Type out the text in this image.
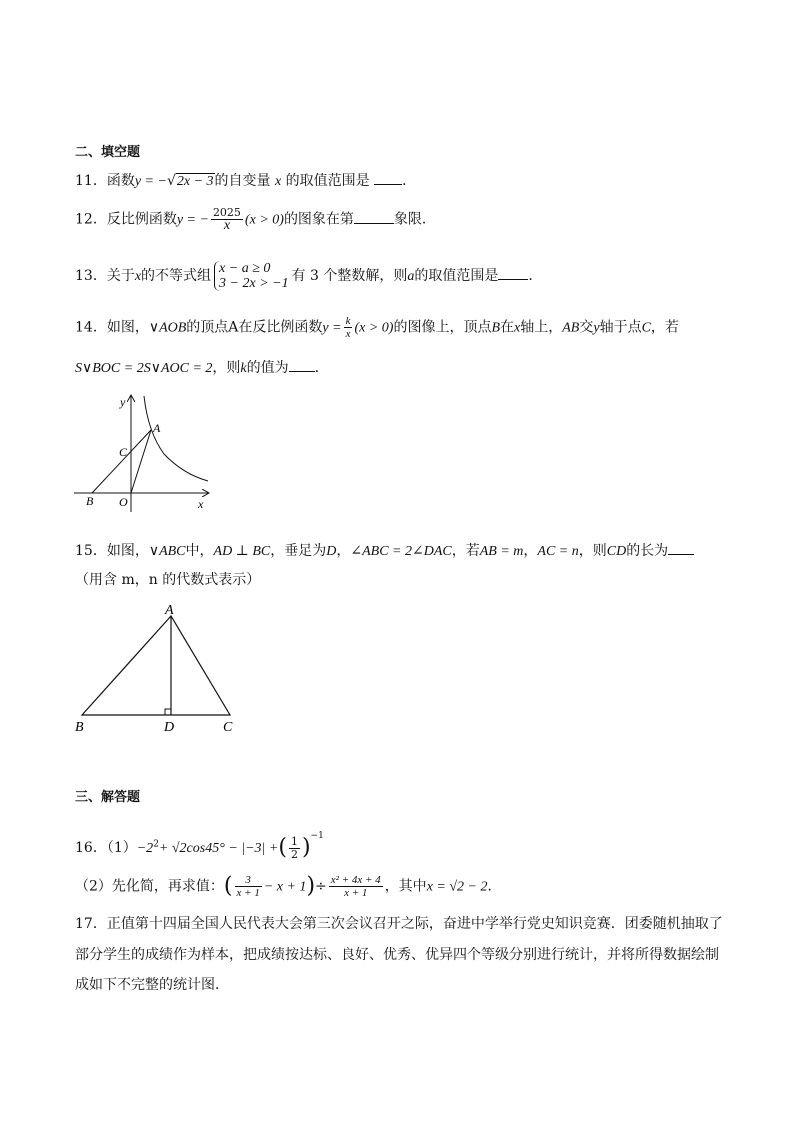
二、填空题
11．函数y = −√2x − 3的自变量 x 的取值范围是 ．
12．反比例函数y = − $\frac{2025}{x} (x > 0)$的图象在第	象限．
13．关于x的不等式组 x − a ≥ 0
3 − 2x > −1 有 3 个整数解，则a的取值范围是 ．
14．如图，∨AOB的顶点A在反比例函数$y = \frac{k}{x} (x > 0)$的图像上，顶点B在x轴上，AB交y轴于点C，若
S∨BOC = 2S∨AOC = 2，则k的值为 ．
y
x
A
B
C
O
15．如图，∨ABC中，AD ⊥ BC，垂足为D，∠ABC = 2∠DAC，若AB = m，AC = n，则CD的长为
（用含 m，n 的代数式表示）
A
B	C
D
三、解答题
16．$(1)-2^2+ √2\cos 45^\circ - |-3|$ +( $\frac{1}{2} )^{-1}$
（2）先化简，再求值：( $\frac{3}{x + 1} - x + 1)\div \frac{\text{x² + 4x + 4}}{x + 1}$ ，其中x = √2 − 2．
17．正值第十四届全国人民代表大会第三次会议召开之际，奋进中学举行党史知识竞赛．团委随机抽取了
部分学生的成绩作为样本，把成绩按达标、良好、优秀、优异四个等级分别进行统计，并将所得数据绘制
成如下不完整的统计图．
